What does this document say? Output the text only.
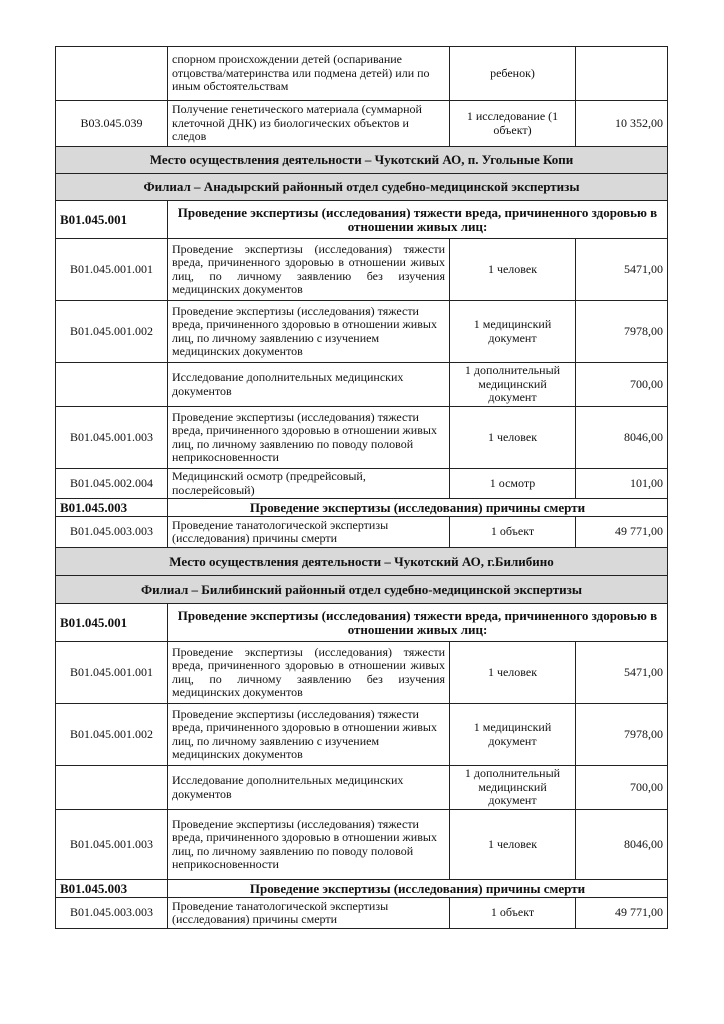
	спорном происхождении детей (оспаривание отцовства/материнства или подмена детей) или по иным обстоятельствам	ребенок)	
В03.045.039	Получение генетического материала (суммарной клеточной ДНК) из биологических объектов и следов	1 исследование (1 объект)	10 352,00
Место осуществления деятельности – Чукотский АО, п. Угольные Копи			
Филиал – Анадырский районный отдел судебно-медицинской экспертизы			
В01.045.001	Проведение экспертизы (исследования) тяжести вреда, причиненного здоровью в отношении живых лиц:		
В01.045.001.001	Проведение экспертизы (исследования) тяжести вреда, причиненного здоровью в отношении живых лиц, по личному заявлению без изучения медицинских документов	1 человек	5471,00
В01.045.001.002	Проведение экспертизы (исследования) тяжести вреда, причиненного здоровью в отношении живых лиц, по личному заявлению с изучением медицинских документов	1 медицинский документ	7978,00
	Исследование дополнительных медицинских документов	1 дополнительный медицинский документ	700,00
В01.045.001.003	Проведение экспертизы (исследования) тяжести вреда, причиненного здоровью в отношении живых лиц, по личному заявлению по поводу половой неприкосновенности	1 человек	8046,00
В01.045.002.004	Медицинский осмотр (предрейсовый, послерейсовый)	1 осмотр	101,00
В01.045.003	Проведение экспертизы (исследования) причины смерти		
В01.045.003.003	Проведение танатологической экспертизы (исследования) причины смерти	1 объект	49 771,00
Место осуществления деятельности – Чукотский АО, г.Билибино			
Филиал – Билибинский районный отдел судебно-медицинской экспертизы			
В01.045.001	Проведение экспертизы (исследования) тяжести вреда, причиненного здоровью в отношении живых лиц:		
В01.045.001.001	Проведение экспертизы (исследования) тяжести вреда, причиненного здоровью в отношении живых лиц, по личному заявлению без изучения медицинских документов	1 человек	5471,00
В01.045.001.002	Проведение экспертизы (исследования) тяжести вреда, причиненного здоровью в отношении живых лиц, по личному заявлению с изучением медицинских документов	1 медицинский документ	7978,00
	Исследование дополнительных медицинских документов	1 дополнительный медицинский документ	700,00
В01.045.001.003	Проведение экспертизы (исследования) тяжести вреда, причиненного здоровью в отношении живых лиц, по личному заявлению по поводу половой неприкосновенности	1 человек	8046,00
В01.045.003	Проведение экспертизы (исследования) причины смерти		
В01.045.003.003	Проведение танатологической экспертизы (исследования) причины смерти	1 объект	49 771,00
